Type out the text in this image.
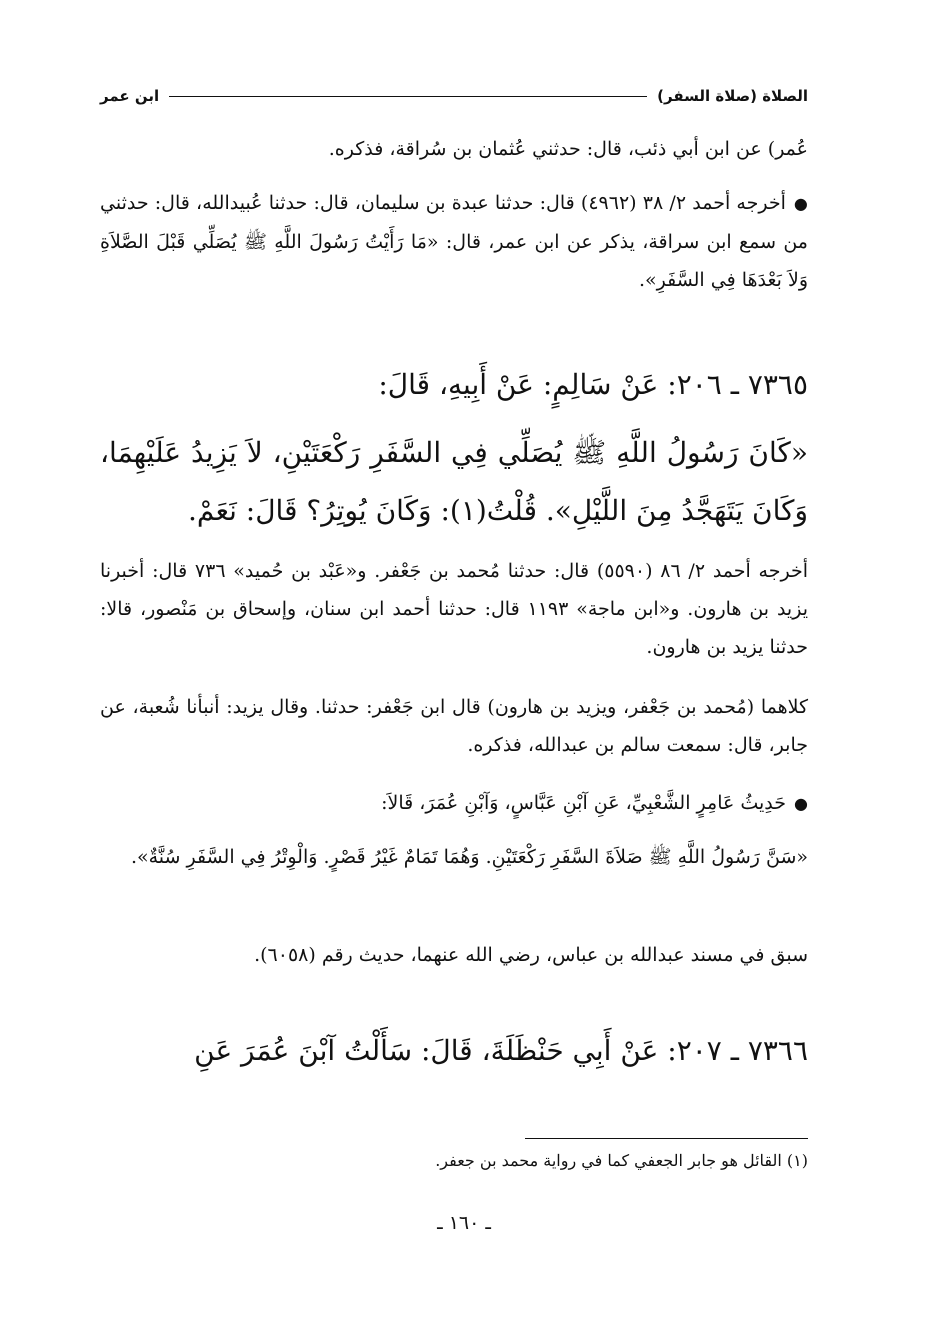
الصلاة (صلاة السفر)
ابن عمر
عُمر) عن ابن أبي ذئب، قال: حدثني عُثمان بن سُراقة، فذكره.
● أخرجه أحمد ٢/ ٣٨ (٤٩٦٢) قال: حدثنا عبدة بن سليمان، قال: حدثنا عُبيدالله، قال: حدثني من سمع ابن سراقة، يذكر عن ابن عمر، قال: «مَا رَأَيْتُ رَسُولَ اللَّهِ ﷺ يُصَلِّي قَبْلَ الصَّلاَةِ وَلاَ بَعْدَهَا فِي السَّفَرِ».
٧٣٦٥ ـ ٢٠٦: عَنْ سَالِمٍ: عَنْ أَبِيهِ، قَالَ:
«كَانَ رَسُولُ اللَّهِ ﷺ يُصَلِّي فِي السَّفَرِ رَكْعَتَيْنِ، لاَ يَزِيدُ عَلَيْهِمَا، وَكَانَ يَتَهَجَّدُ مِنَ اللَّيْلِ». قُلْتُ(١): وَكَانَ يُوتِرُ؟ قَالَ: نَعَمْ.
أخرجه أحمد ٢/ ٨٦ (٥٥٩٠) قال: حدثنا مُحمد بن جَعْفر. و«عَبْد بن حُميد» ٧٣٦ قال: أخبرنا يزيد بن هارون. و«ابن ماجة» ١١٩٣ قال: حدثنا أحمد ابن سنان، وإسحاق بن مَنْصور، قالا: حدثنا يزيد بن هارون.
كلاهما (مُحمد بن جَعْفر، ويزيد بن هارون) قال ابن جَعْفر: حدثنا. وقال يزيد: أنبأنا شُعبة، عن جابر، قال: سمعت سالم بن عبدالله، فذكره.
● حَدِيثُ عَامِرٍ الشَّعْبِيِّ، عَنِ آبْنِ عَبَّاسٍ، وَآبْنِ عُمَرَ، قَالاَ:
«سَنَّ رَسُولُ اللَّهِ ﷺ صَلاَةَ السَّفَرِ رَكْعَتَيْنِ. وَهُمَا تَمَامٌ غَيْرُ قَصْرٍ. وَالْوِتْرُ فِي السَّفَرِ سُنَّةٌ».
سبق في مسند عبدالله بن عباس، رضي الله عنهما، حديث رقم (٦٠٥٨).
٧٣٦٦ ـ ٢٠٧: عَنْ أَبِي حَنْظَلَةَ، قَالَ: سَأَلْتُ آبْنَ عُمَرَ عَنِ
(١) القائل هو جابر الجعفي كما في رواية محمد بن جعفر.
ـ ١٦٠ ـ
